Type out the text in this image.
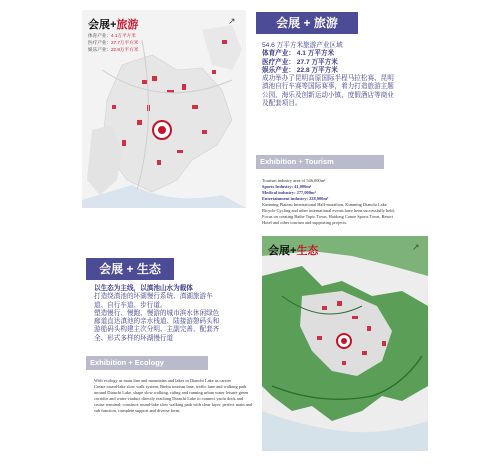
会展+旅游
体育产业：4.1万平方米
医疗产业：27.7万平方米
娱乐产业：22.8万平方米
↗	会展 + 旅游
54.6 万平方米旅游产业区域
体育产业： 4.1 万平方米
医疗产业： 27.7 万平方米
娱乐产业： 22.8 万平方米
成功举办了昆明高原国际半程马拉松赛、昆明滇池自行车赛等国际赛事，着力打造旅游主题公园、海乐及创新运动小镇、度假酒店等商业及配套项目。
Exhibition + Tourism
Tourism industry area of 546,000m²
Sports Industry: 41,000m²
Medical industry: 277,000m²
Entertainment industry: 228,000m²
Kunming Plateau International Half-marathon, Kunming Dianchi Lake Bicycle Cycling and other international events have been successfully held; Focus on creating Baihe Topic Town, Haidong Canoe Sports Town, Resort Hotel and other tourism and supporting projects.
会展 + 生态
以生态为主线，以滇池山水为载体
打造绕滇池的环湖慢行系统、滇湖旅游车道、自行车道、步行道。
塑造慢行、慢跑、慢游的城市滨水休闲绿色廊道直达滇池的亲水栈道、陆接游憩码头和游船码头构建主次分明、主副完善、配套齐全、形式多样的环湖慢行道
Exhibition + Ecology
With ecology as main line and mountains and lakes in Dianchi Lake as carrier
Create round-lake slow walk system, Binhu tourism lane, traffic lane and walking path around Dianchi Lake, shape slow walking, riding and running urban water leisure green corridor and water viaduct directly reaching Dianchi Lake to connect yacht dock and cruise terminal; construct round-lake slow walking path with clear layer, perfect main and sub function, complete support and diverse form.
会展+生态	↗
